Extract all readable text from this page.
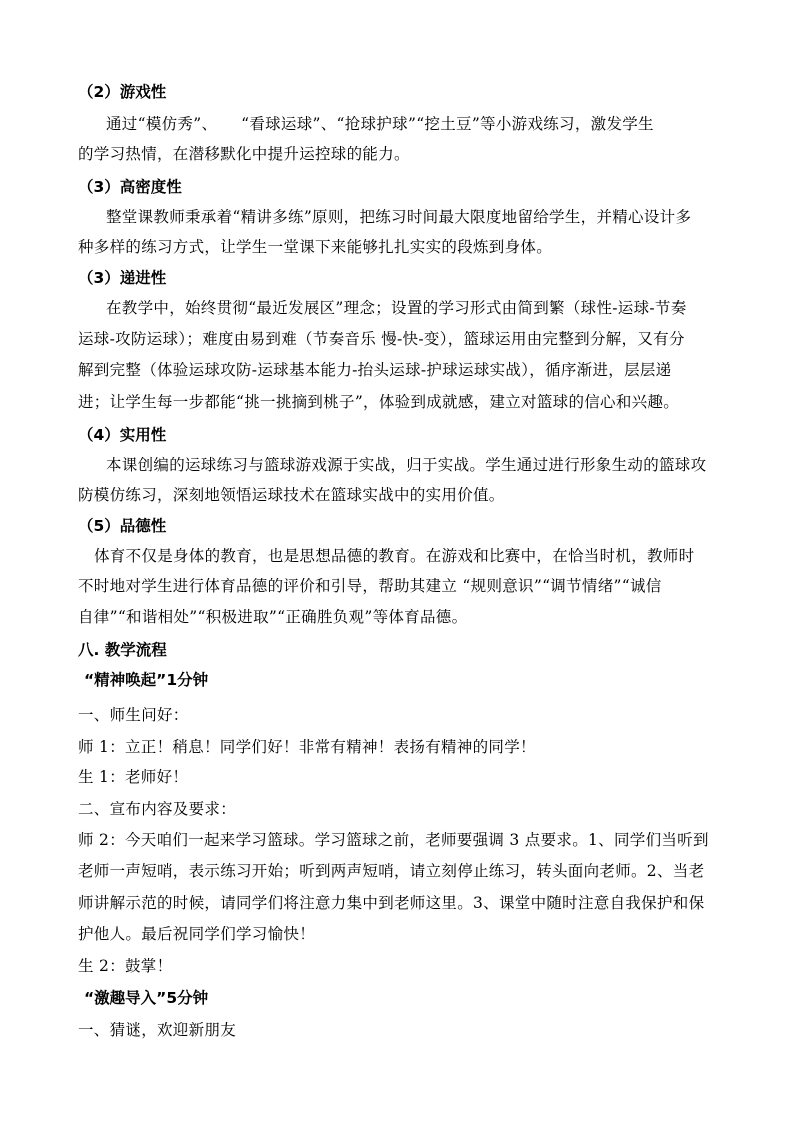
（2）游戏性
通过“模仿秀”、　　“看球运球”、“抢球护球”“挖土豆”等小游戏练习，激发学生
的学习热情，在潜移默化中提升运控球的能力。
（3）高密度性
整堂课教师秉承着“精讲多练”原则，把练习时间最大限度地留给学生，并精心设计多
种多样的练习方式，让学生一堂课下来能够扎扎实实的段炼到身体。
（3）递进性
在教学中，始终贯彻“最近发展区”理念；设置的学习形式由简到繁（球性-运球-节奏
运球-攻防运球）；难度由易到难（节奏音乐 慢-快-变），篮球运用由完整到分解，又有分
解到完整（体验运球攻防-运球基本能力-抬头运球-护球运球实战），循序渐进，层层递
进；让学生每一步都能“挑一挑摘到桃子”，体验到成就感，建立对篮球的信心和兴趣。
（4）实用性
本课创编的运球练习与篮球游戏源于实战，归于实战。学生通过进行形象生动的篮球攻
防模仿练习，深刻地领悟运球技术在篮球实战中的实用价值。
（5）品德性
体育不仅是身体的教育，也是思想品德的教育。在游戏和比赛中，在恰当时机，教师时
不时地对学生进行体育品德的评价和引导，帮助其建立 “规则意识”“调节情绪”“诚信
自律”“和谐相处”“积极进取”“正确胜负观”等体育品德。
八. 教学流程
“精神唤起”1分钟
一、师生问好：
师 1：立正！稍息！同学们好！非常有精神！表扬有精神的同学！
生 1：老师好！
二、宣布内容及要求：
师 2：今天咱们一起来学习篮球。学习篮球之前，老师要强调 3 点要求。1、同学们当听到
老师一声短哨，表示练习开始；听到两声短哨，请立刻停止练习，转头面向老师。2、当老
师讲解示范的时候，请同学们将注意力集中到老师这里。3、课堂中随时注意自我保护和保
护他人。最后祝同学们学习愉快！
生 2：鼓掌！
“激趣导入”5分钟
一、猜谜，欢迎新朋友
